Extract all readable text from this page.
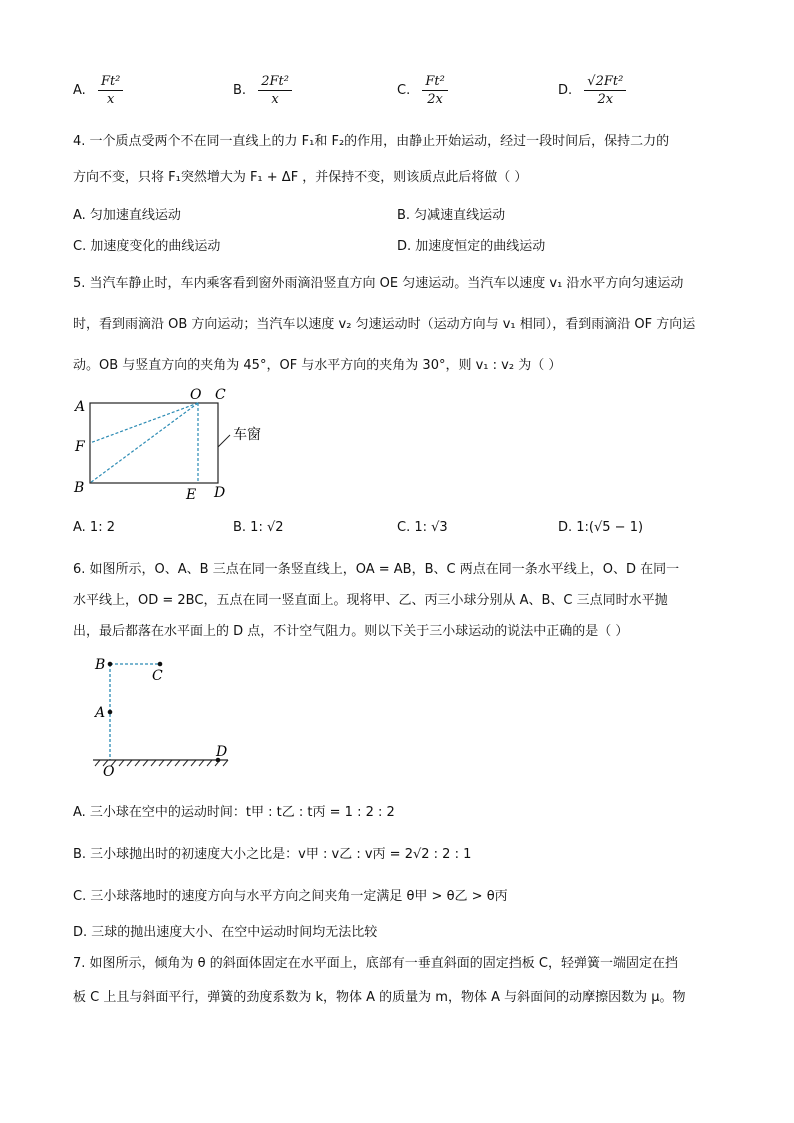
A. $\frac{\text{Ft²}}{x}$	B. $\frac{\text{2Ft²}}{x}$	C. $\frac{\text{Ft²}}{2x}$	D. $\frac{\text{√2Ft²}}{2x}$
4. 一个质点受两个不在同一直线上的力 F₁和 F₂的作用，由静止开始运动，经过一段时间后，保持二力的
方向不变，只将 F₁突然增大为 F₁ + ΔF ，并保持不变，则该质点此后将做（ ）
A. 匀加速直线运动	B. 匀减速直线运动
C. 加速度变化的曲线运动	D. 加速度恒定的曲线运动
5. 当汽车静止时，车内乘客看到窗外雨滴沿竖直方向 OE 匀速运动。当汽车以速度 v₁ 沿水平方向匀速运动
时，看到雨滴沿 OB 方向运动；当汽车以速度 v₂ 匀速运动时（运动方向与 v₁ 相同），看到雨滴沿 OF 方向运
动。OB 与竖直方向的夹角为 45°，OF 与水平方向的夹角为 30°，则 v₁ : v₂ 为（ ）
A
O C
F
B	E D
车窗
A. 1: 2	B. 1: √2	C. 1: √3	D. 1:(√5 − 1)
6. 如图所示，O、A、B 三点在同一条竖直线上，OA = AB，B、C 两点在同一条水平线上，O、D 在同一
水平线上，OD = 2BC，五点在同一竖直面上。现将甲、乙、丙三小球分别从 A、B、C 三点同时水平抛
出，最后都落在水平面上的 D 点，不计空气阻力。则以下关于三小球运动的说法中正确的是（ ）
B
C
A
D
O
A. 三小球在空中的运动时间：t甲 : t乙 : t丙 = 1 : 2 : 2
B. 三小球抛出时的初速度大小之比是：v甲 : v乙 : v丙 = 2√2 : 2 : 1
C. 三小球落地时的速度方向与水平方向之间夹角一定满足 θ甲 > θ乙 > θ丙
D. 三球的抛出速度大小、在空中运动时间均无法比较
7. 如图所示，倾角为 θ 的斜面体固定在水平面上，底部有一垂直斜面的固定挡板 C，轻弹簧一端固定在挡
板 C 上且与斜面平行，弹簧的劲度系数为 k，物体 A 的质量为 m，物体 A 与斜面间的动摩擦因数为 μ。物
